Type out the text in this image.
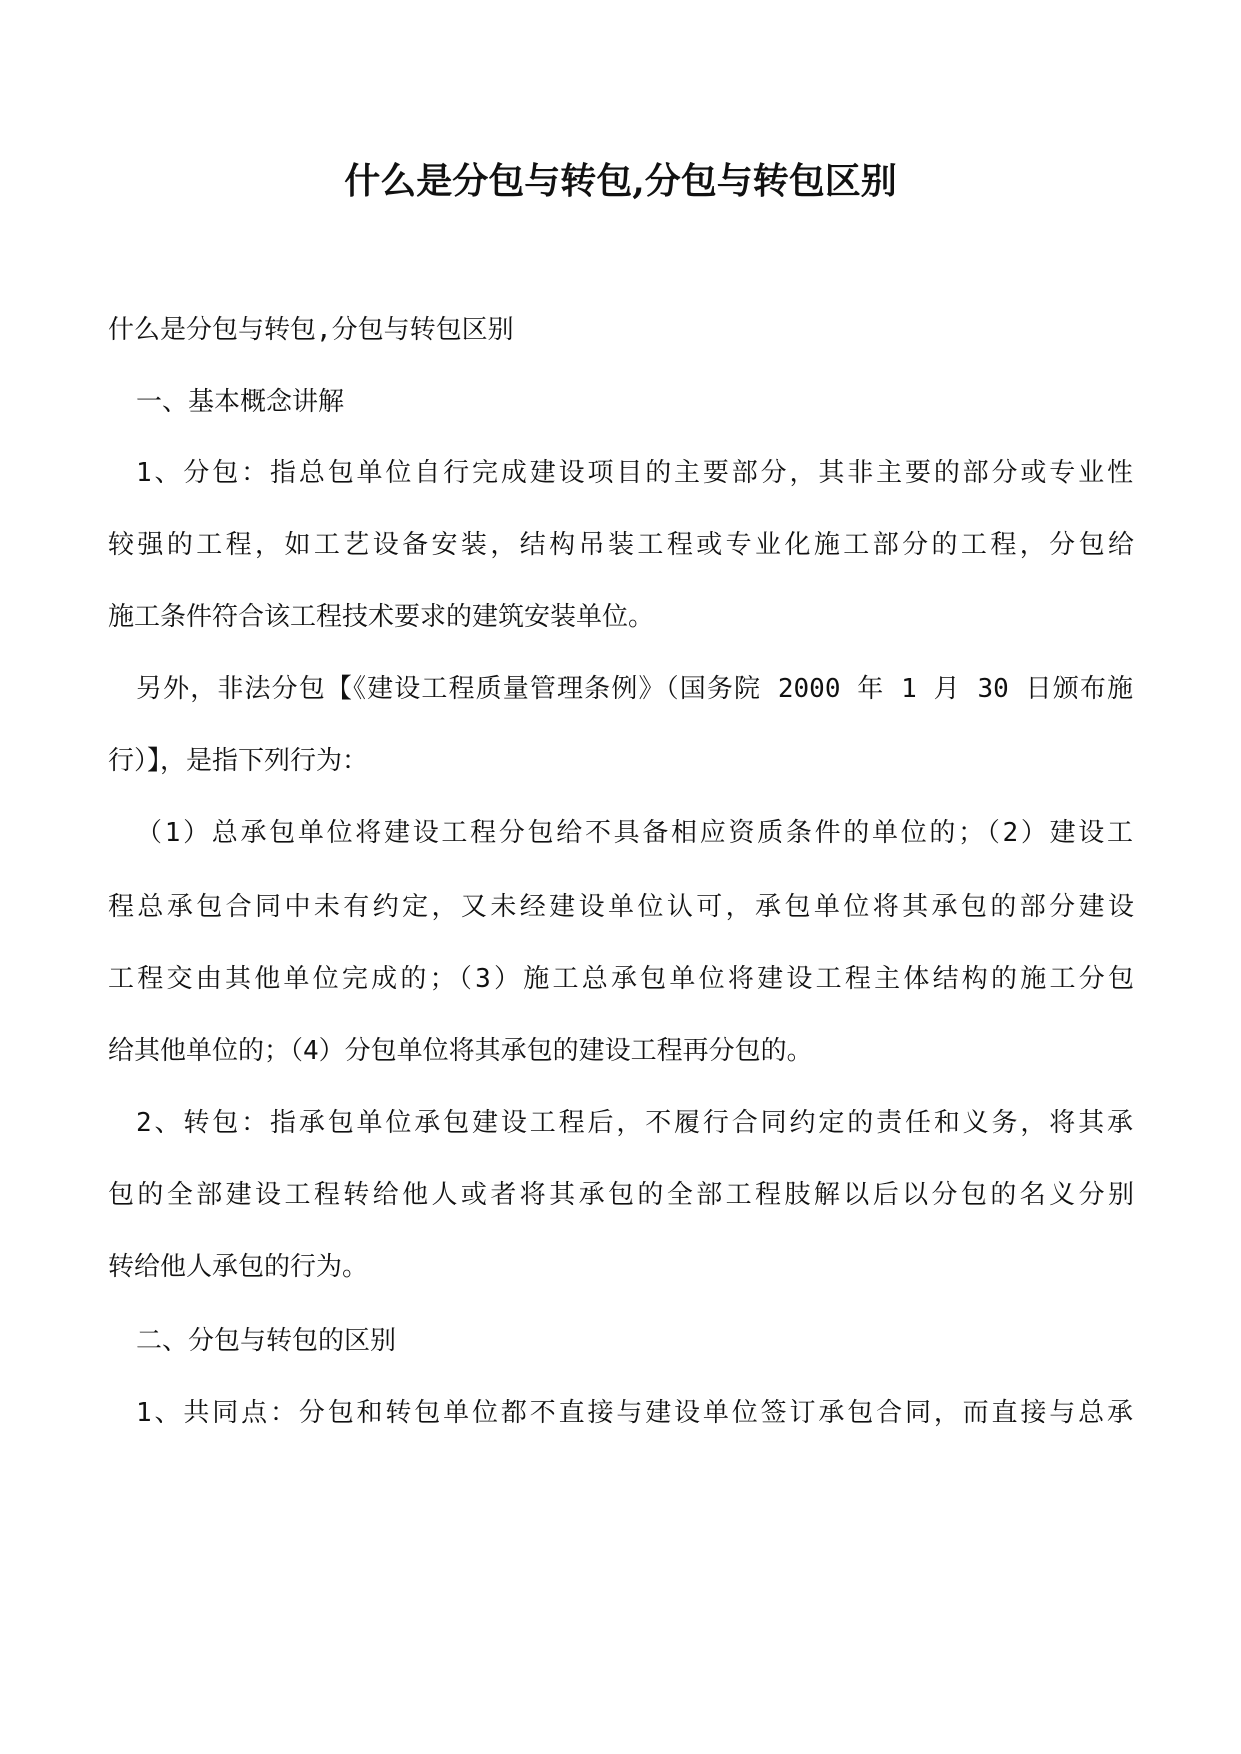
什么是分包与转包,分包与转包区别
什么是分包与转包,分包与转包区别
一、基本概念讲解
1、分包：指总包单位自行完成建设项目的主要部分，其非主要的部分或专业性
较强的工程，如工艺设备安装，结构吊装工程或专业化施工部分的工程，分包给
施工条件符合该工程技术要求的建筑安装单位。
另外，非法分包【《建设工程质量管理条例》（国务院 2000 年 1 月 30 日颁布施
行）】，是指下列行为：
（1）总承包单位将建设工程分包给不具备相应资质条件的单位的；（2）建设工
程总承包合同中未有约定，又未经建设单位认可，承包单位将其承包的部分建设
工程交由其他单位完成的；（3）施工总承包单位将建设工程主体结构的施工分包
给其他单位的；（4）分包单位将其承包的建设工程再分包的。
2、转包：指承包单位承包建设工程后，不履行合同约定的责任和义务，将其承
包的全部建设工程转给他人或者将其承包的全部工程肢解以后以分包的名义分别
转给他人承包的行为。
二、分包与转包的区别
1、共同点：分包和转包单位都不直接与建设单位签订承包合同，而直接与总承
